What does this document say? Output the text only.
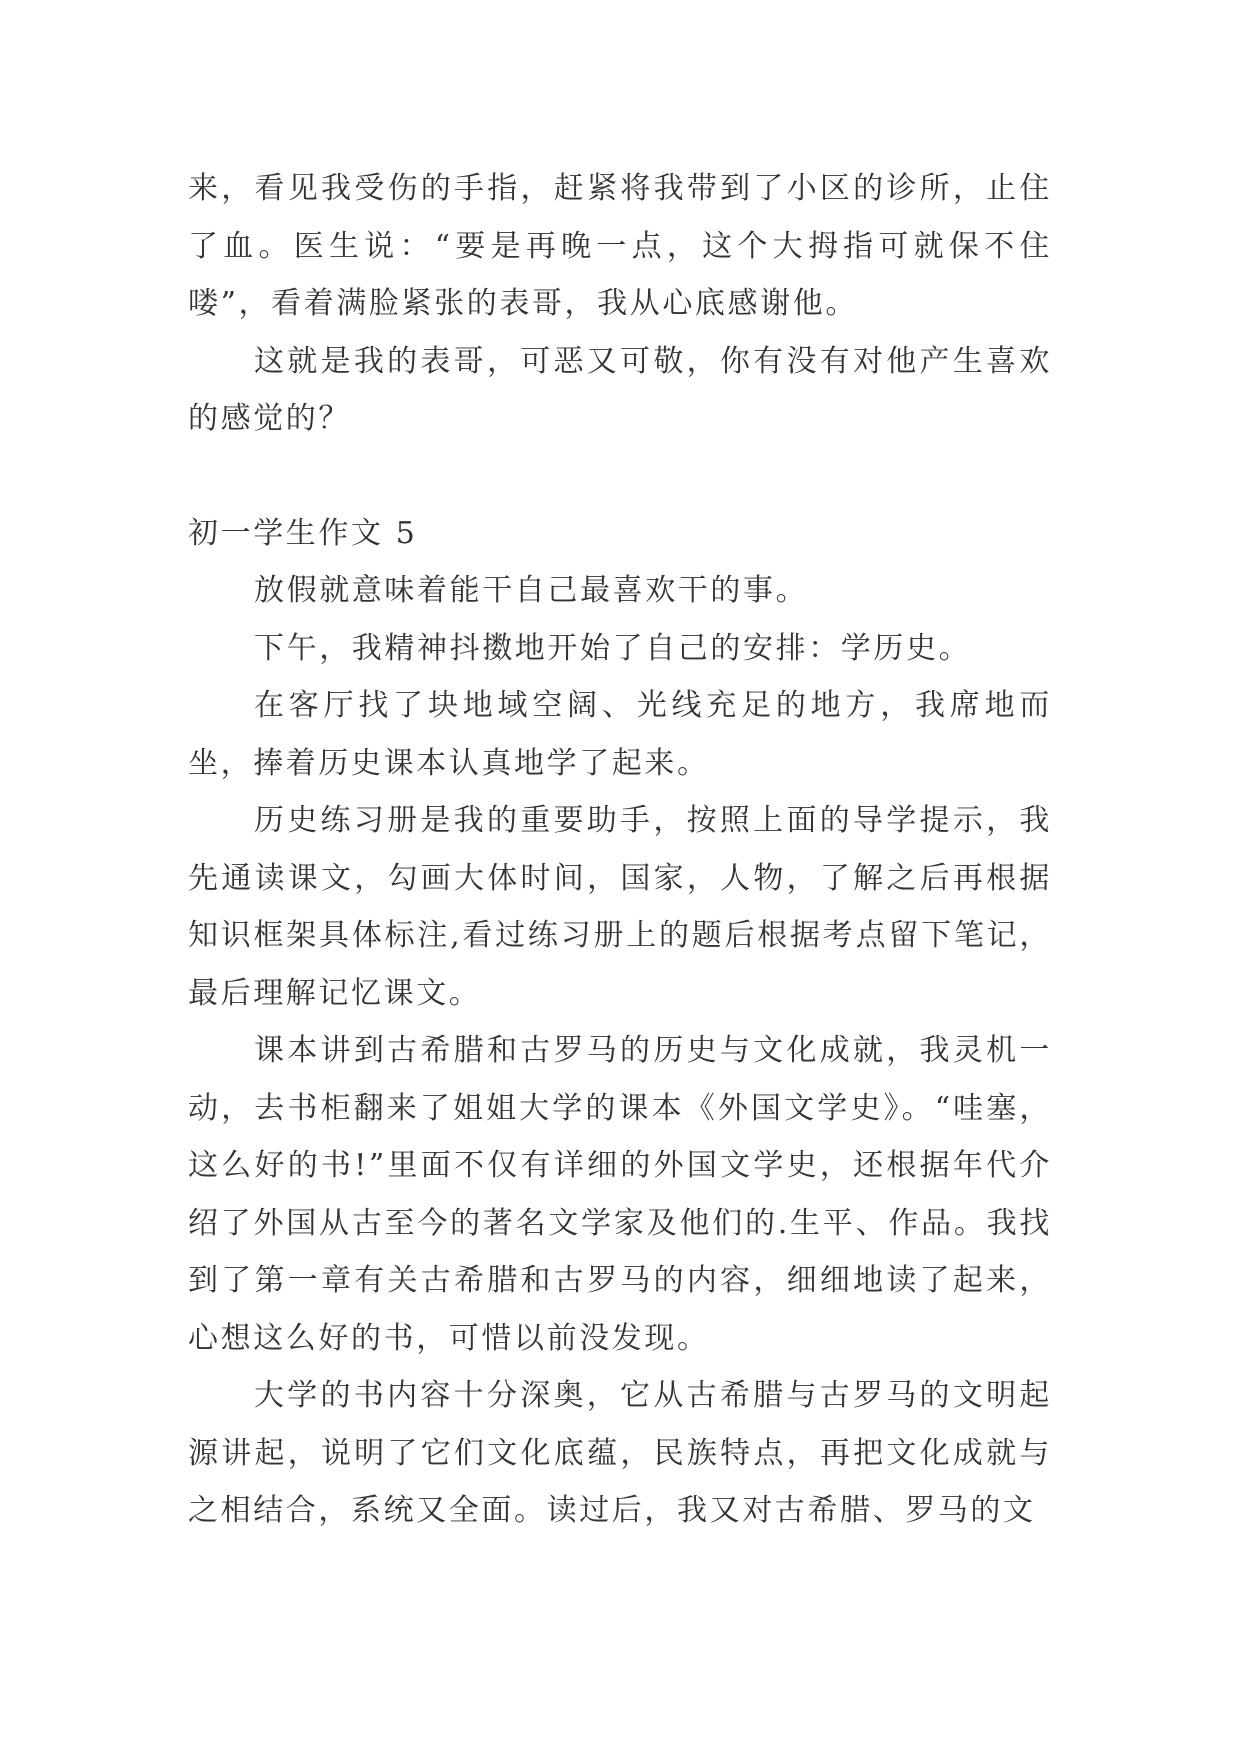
来，看见我受伤的手指，赶紧将我带到了小区的诊所，止住了血。医生说：“要是再晚一点，这个大拇指可就保不住喽”，看着满脸紧张的表哥，我从心底感谢他。

这就是我的表哥，可恶又可敬，你有没有对他产生喜欢的感觉的？

初一学生作文 5

放假就意味着能干自己最喜欢干的事。

下午，我精神抖擞地开始了自己的安排：学历史。

在客厅找了块地域空阔、光线充足的地方，我席地而坐，捧着历史课本认真地学了起来。

历史练习册是我的重要助手，按照上面的导学提示，我先通读课文，勾画大体时间，国家，人物，了解之后再根据知识框架具体标注,看过练习册上的题后根据考点留下笔记，最后理解记忆课文。

课本讲到古希腊和古罗马的历史与文化成就，我灵机一动，去书柜翻来了姐姐大学的课本《外国文学史》。“哇塞，这么好的书!”里面不仅有详细的外国文学史，还根据年代介绍了外国从古至今的著名文学家及他们的.生平、作品。我找到了第一章有关古希腊和古罗马的内容，细细地读了起来，心想这么好的书，可惜以前没发现。

大学的书内容十分深奥，它从古希腊与古罗马的文明起源讲起，说明了它们文化底蕴，民族特点，再把文化成就与之相结合，系统又全面。读过后，我又对古希腊、罗马的文
